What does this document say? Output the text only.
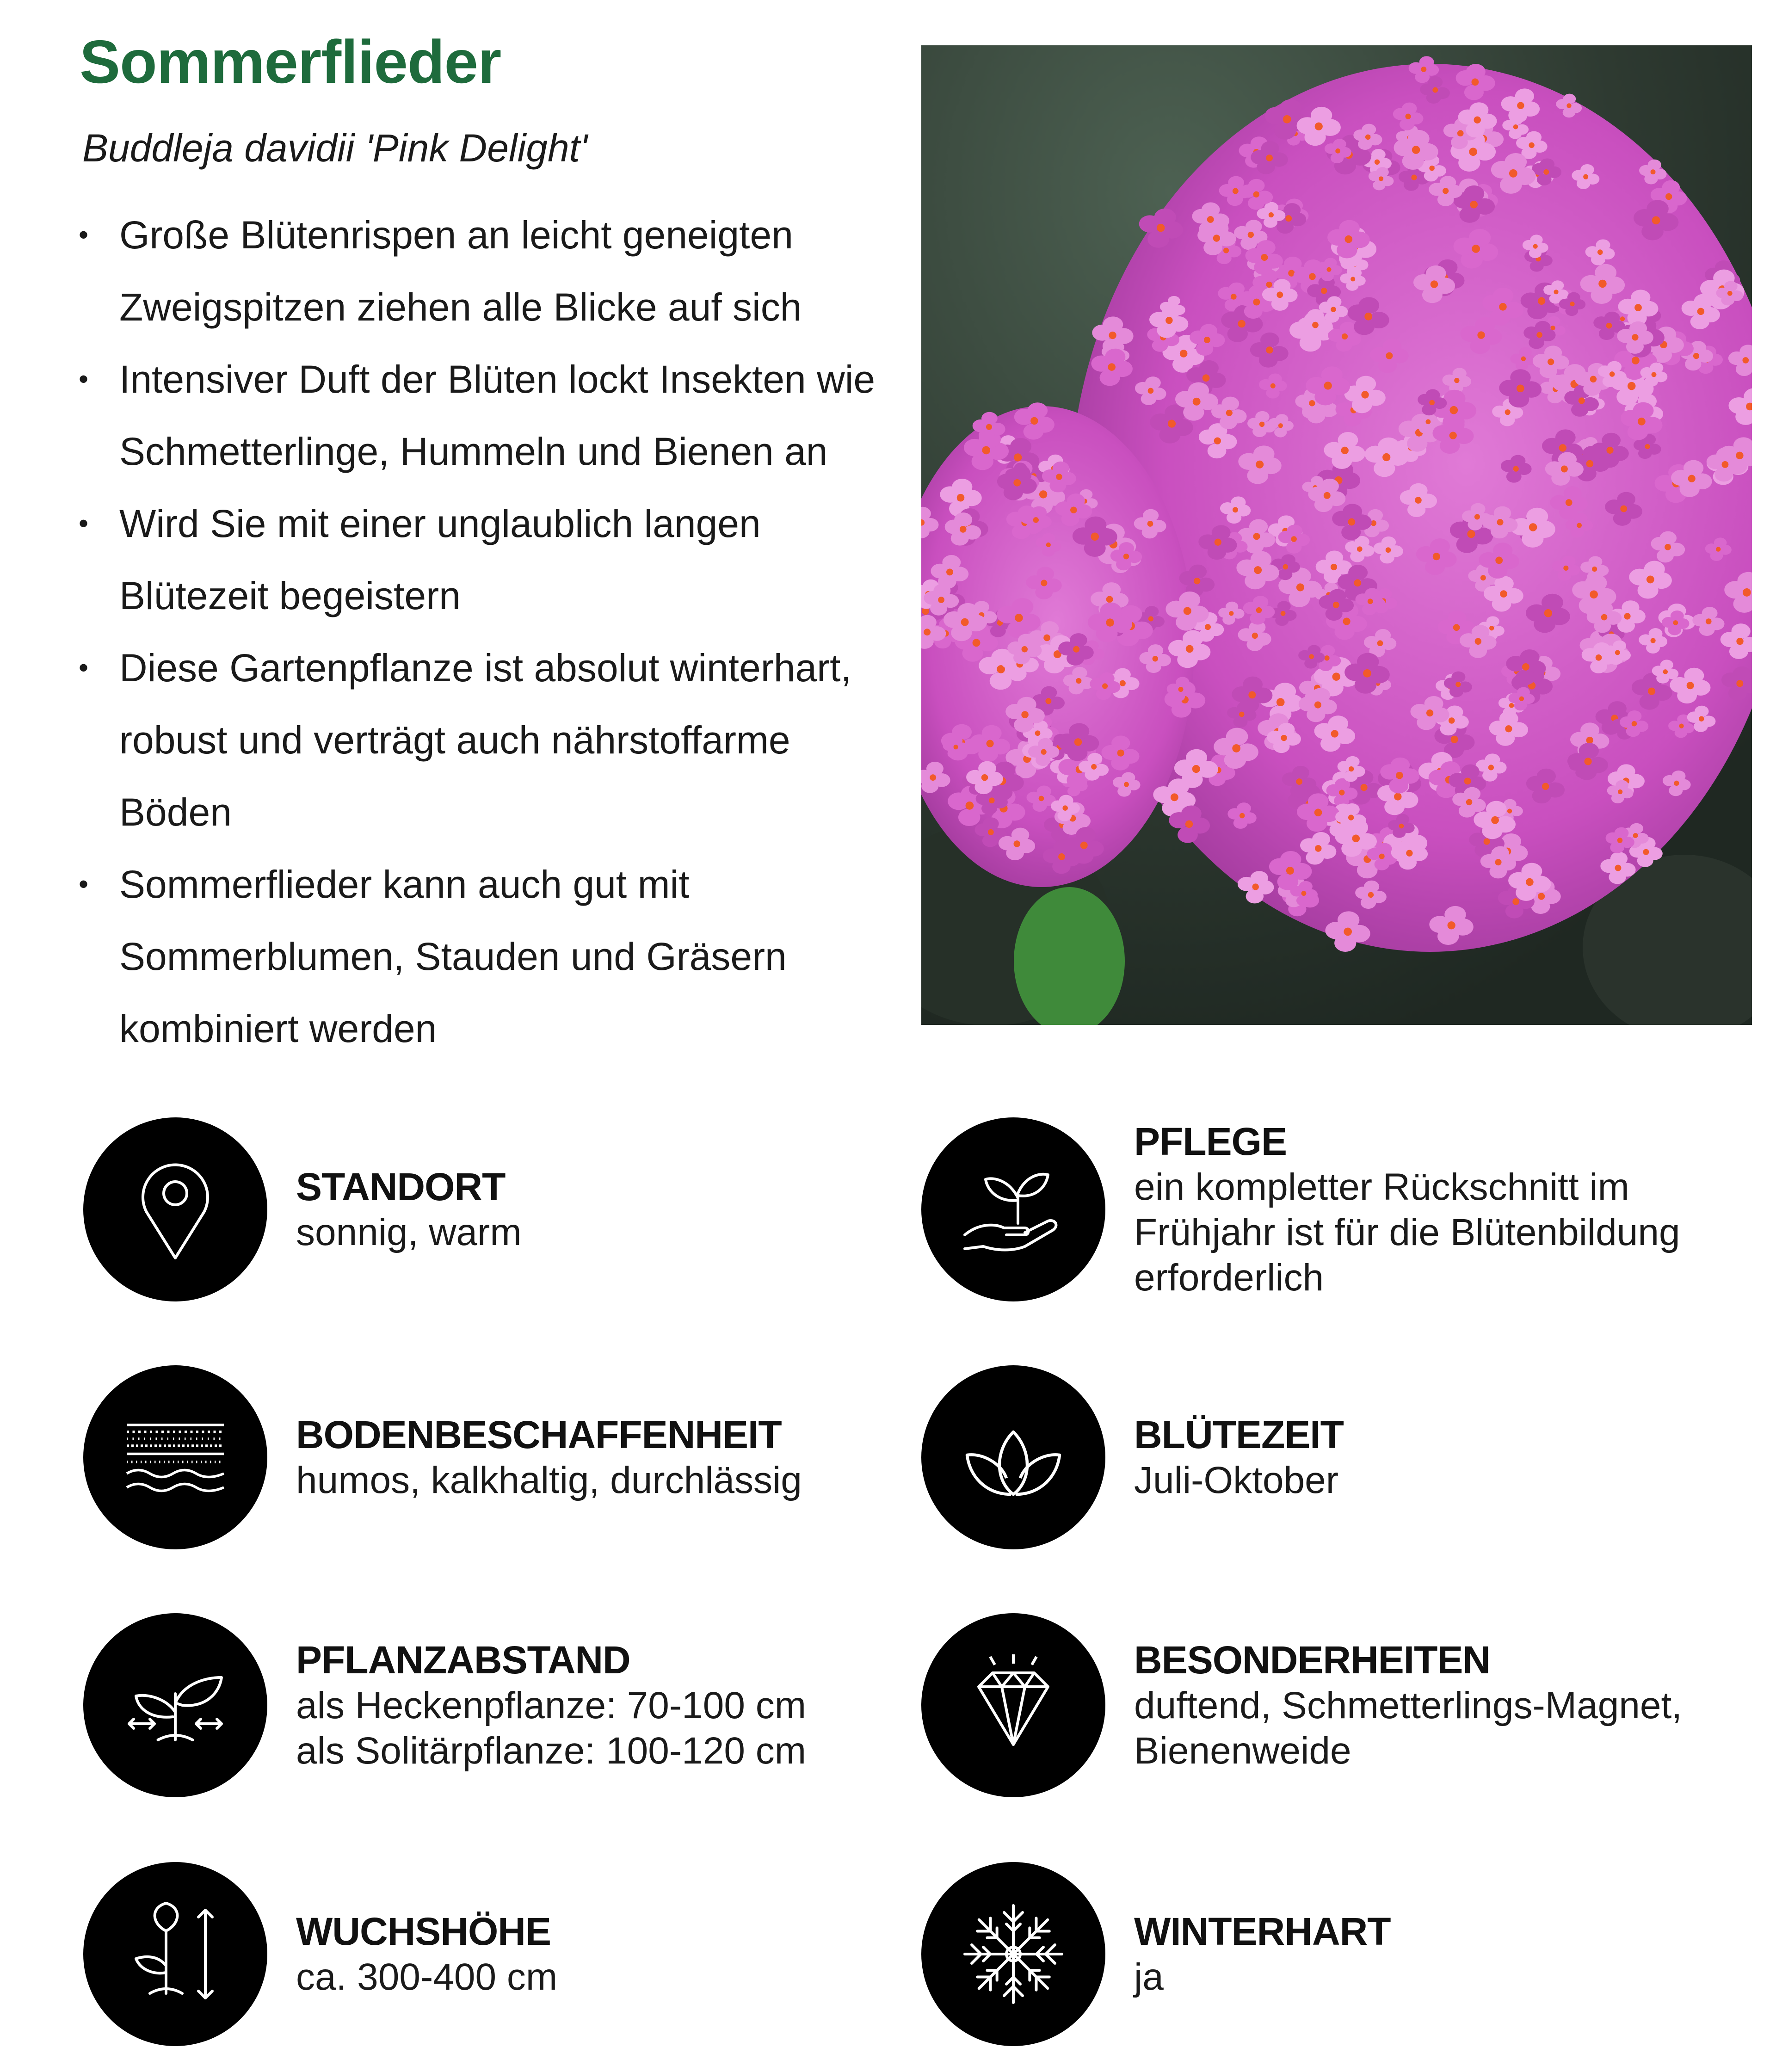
Sommerflieder

Buddleja davidii 'Pink Delight'

• Große Blütenrispen an leicht geneigten Zweigspitzen ziehen alle Blicke auf sich
• Intensiver Duft der Blüten lockt Insekten wie Schmetterlinge, Hummeln und Bienen an
• Wird Sie mit einer unglaublich langen Blütezeit begeistern
• Diese Gartenpflanze ist absolut winterhart, robust und verträgt auch nährstoffarme Böden
• Sommerflieder kann auch gut mit Sommerblumen, Stauden und Gräsern kombiniert werden
STANDORT
sonnig, warm
BODENBESCHAFFENHEIT
humos, kalkhaltig, durchlässig
PFLANZABSTAND
als Heckenpflanze: 70-100 cm
als Solitärpflanze: 100-120 cm
WUCHSHÖHE
ca. 300-400 cm
PFLEGE
ein kompletter Rückschnitt im
Frühjahr ist für die Blütenbildung
erforderlich
BLÜTEZEIT
Juli-Oktober
BESONDERHEITEN
duftend, Schmetterlings-Magnet,
Bienenweide
WINTERHART
ja
